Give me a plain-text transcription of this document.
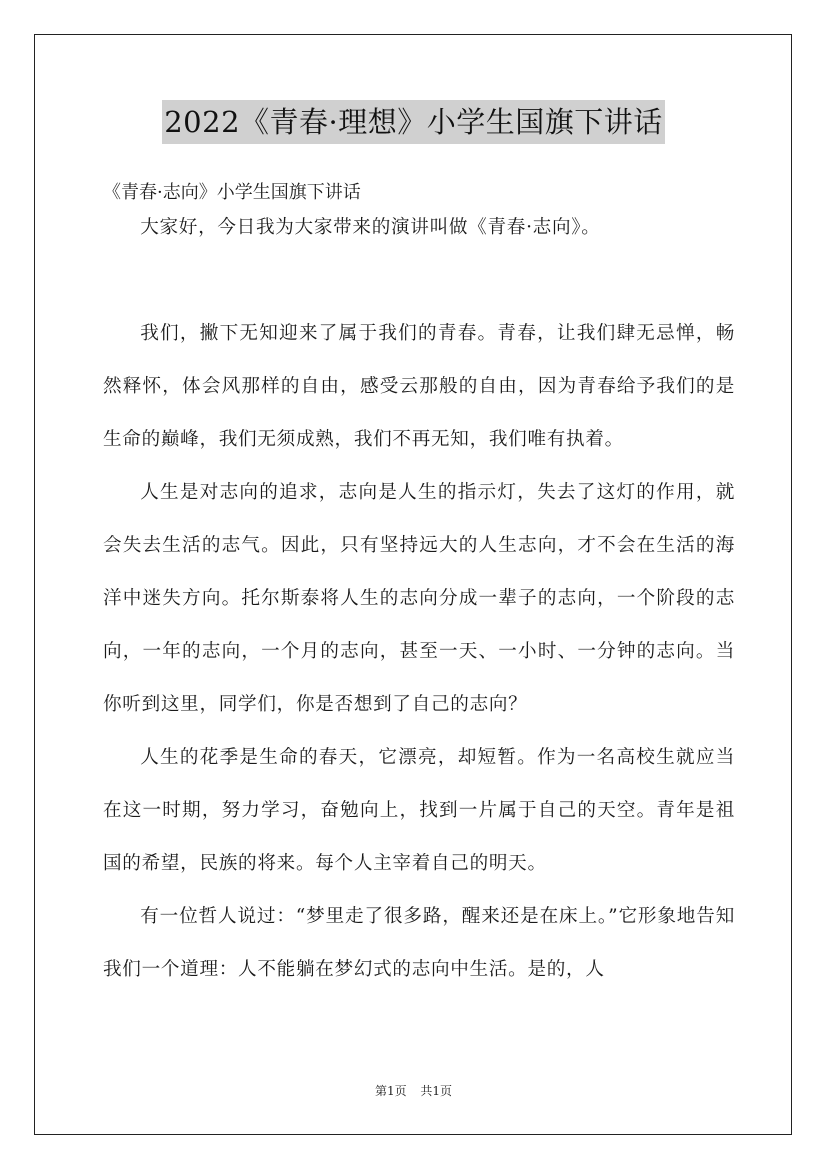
2022《青春·理想》小学生国旗下讲话

《青春·志向》小学生国旗下讲话

大家好，今日我为大家带来的演讲叫做《青春·志向》。

我们，撇下无知迎来了属于我们的青春。青春，让我们肆无忌惮，畅然释怀，体会风那样的自由，感受云那般的自由，因为青春给予我们的是生命的巅峰，我们无须成熟，我们不再无知，我们唯有执着。

人生是对志向的追求，志向是人生的指示灯，失去了这灯的作用，就会失去生活的志气。因此，只有坚持远大的人生志向，才不会在生活的海洋中迷失方向。托尔斯泰将人生的志向分成一辈子的志向，一个阶段的志向，一年的志向，一个月的志向，甚至一天、一小时、一分钟的志向。当你听到这里，同学们，你是否想到了自己的志向？

人生的花季是生命的春天，它漂亮，却短暂。作为一名高校生就应当在这一时期，努力学习，奋勉向上，找到一片属于自己的天空。青年是祖国的希望，民族的将来。每个人主宰着自己的明天。

有一位哲人说过：“梦里走了很多路，醒来还是在床上。”它形象地告知我们一个道理：人不能躺在梦幻式的志向中生活。是的，人

第1页 共1页
